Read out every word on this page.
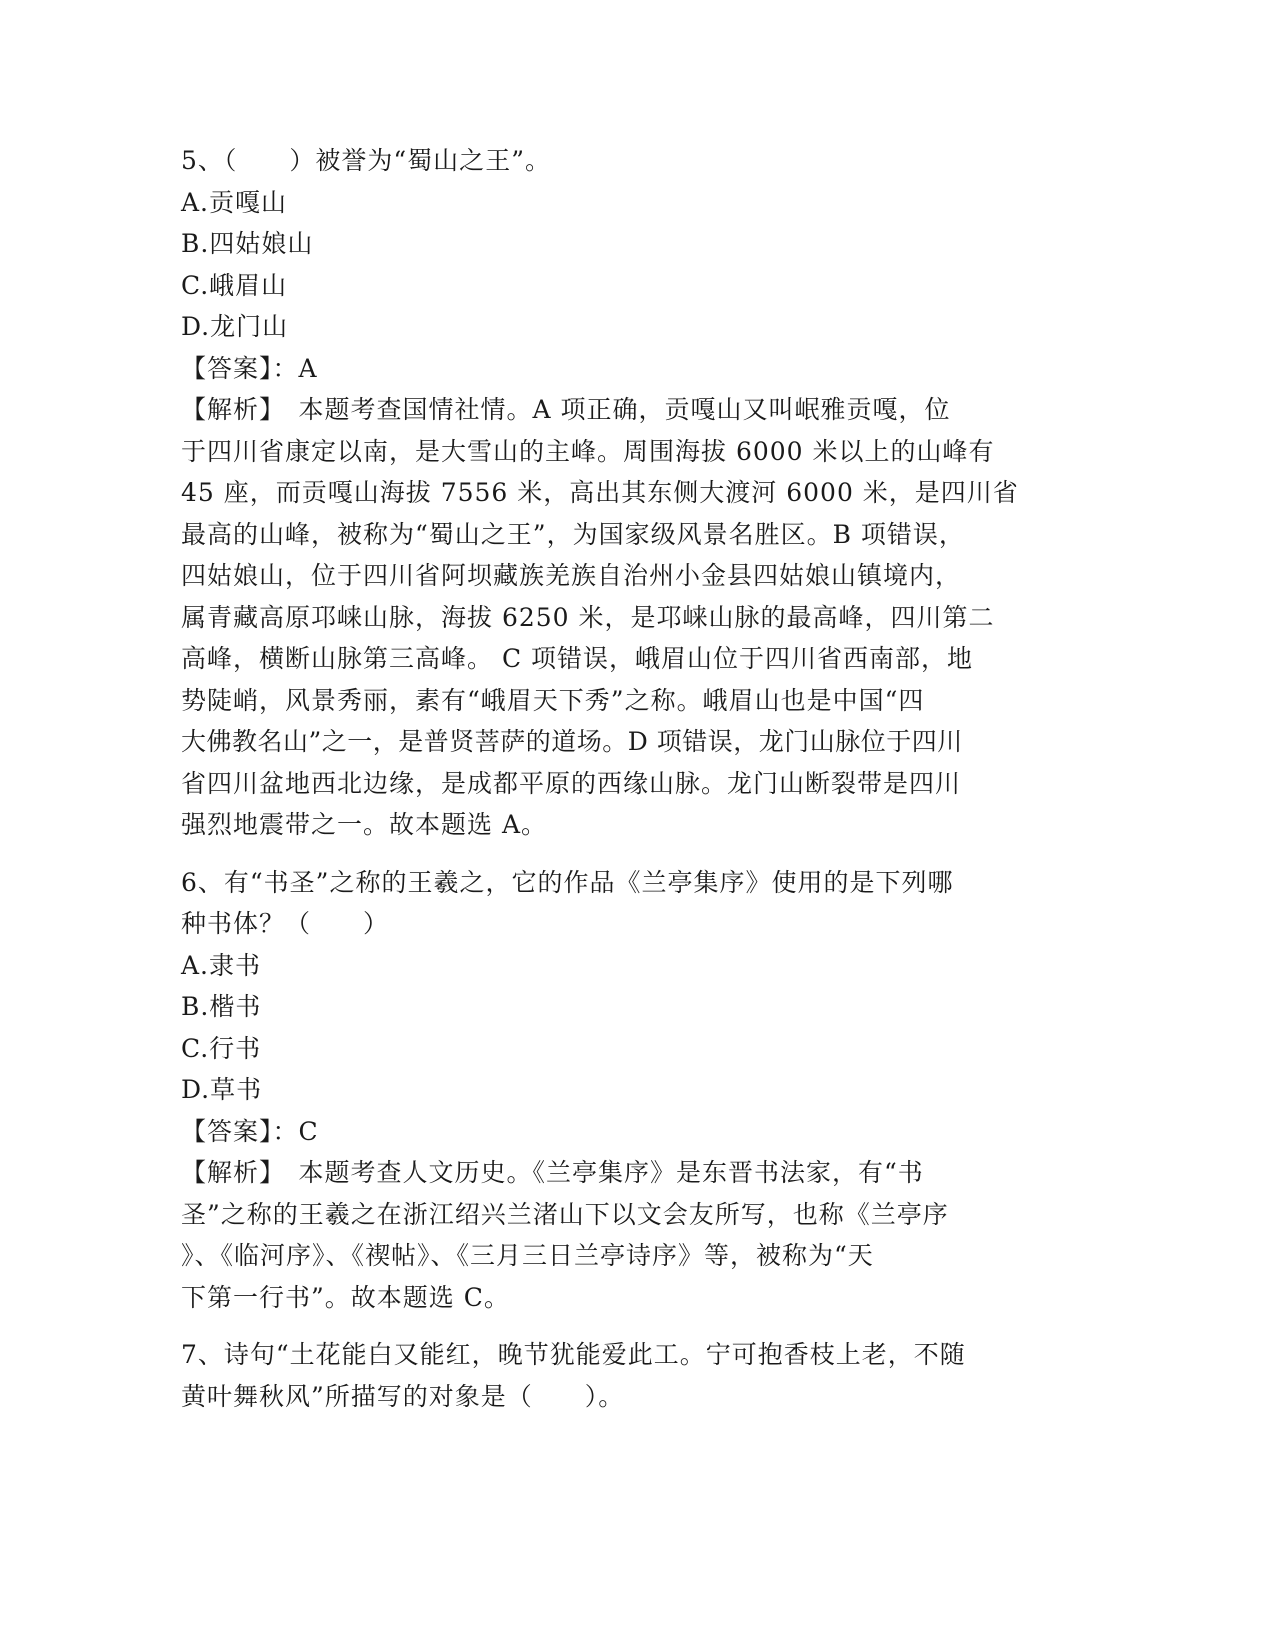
5、（　　）被誉为“蜀山之王”。
A.贡嘎山
B.四姑娘山
C.峨眉山
D.龙门山
【答案】：A
【解析】　本题考查国情社情。A 项正确，贡嘎山又叫岷雅贡嘎，位
于四川省康定以南，是大雪山的主峰。周围海拔 6000 米以上的山峰有
45 座，而贡嘎山海拔 7556 米，高出其东侧大渡河 6000 米，是四川省
最高的山峰，被称为“蜀山之王”，为国家级风景名胜区。B 项错误，
四姑娘山，位于四川省阿坝藏族羌族自治州小金县四姑娘山镇境内，
属青藏高原邛崃山脉，海拔 6250 米，是邛崃山脉的最高峰，四川第二
高峰，横断山脉第三高峰。 C 项错误，峨眉山位于四川省西南部，地
势陡峭，风景秀丽，素有“峨眉天下秀”之称。峨眉山也是中国“四
大佛教名山”之一，是普贤菩萨的道场。D 项错误，龙门山脉位于四川
省四川盆地西北边缘，是成都平原的西缘山脉。龙门山断裂带是四川
强烈地震带之一。故本题选 A。
6、有“书圣”之称的王羲之，它的作品《兰亭集序》使用的是下列哪
种书体？（　　）
A.隶书
B.楷书
C.行书
D.草书
【答案】：C
【解析】　本题考查人文历史。《兰亭集序》是东晋书法家，有“书
圣”之称的王羲之在浙江绍兴兰渚山下以文会友所写，也称《兰亭序
》、《临河序》、《禊帖》、《三月三日兰亭诗序》等，被称为“天
下第一行书”。故本题选 C。
7、诗句“土花能白又能红，晚节犹能爱此工。宁可抱香枝上老，不随
黄叶舞秋风”所描写的对象是（　　）。
